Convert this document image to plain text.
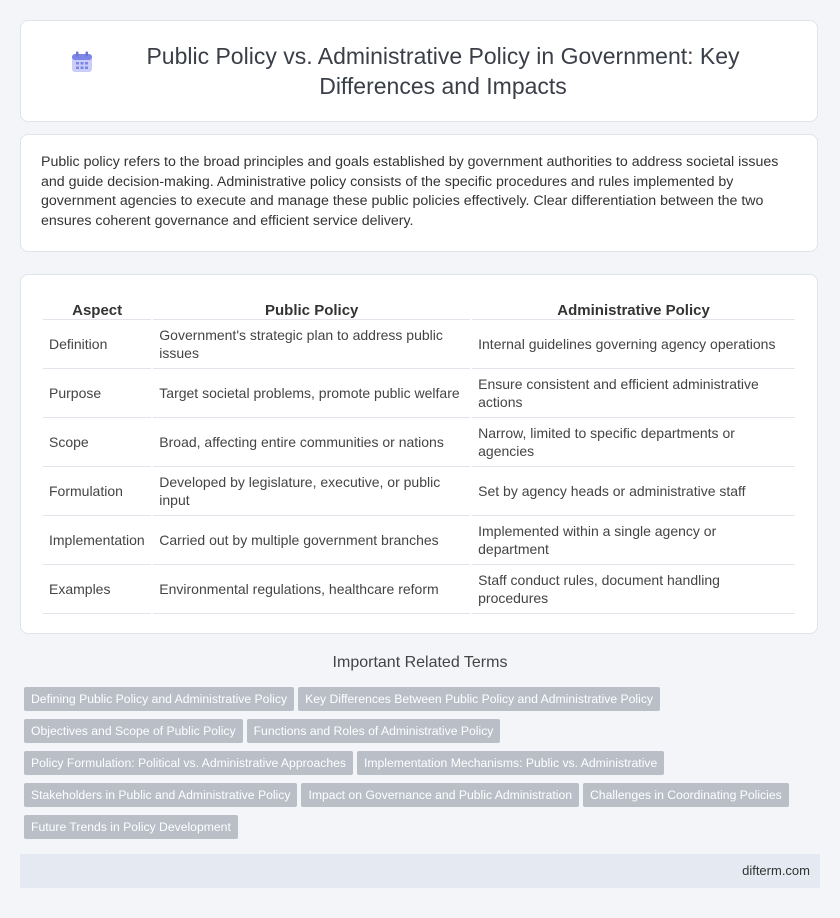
Public Policy vs. Administrative Policy in Government: Key Differences and Impacts

Public policy refers to the broad principles and goals established by government authorities to address societal issues and guide decision-making. Administrative policy consists of the specific procedures and rules implemented by government agencies to execute and manage these public policies effectively. Clear differentiation between the two ensures coherent governance and efficient service delivery.

Aspect	Public Policy	Administrative Policy
Definition	Government's strategic plan to address public issues	Internal guidelines governing agency operations
Purpose	Target societal problems, promote public welfare	Ensure consistent and efficient administrative actions
Scope	Broad, affecting entire communities or nations	Narrow, limited to specific departments or agencies
Formulation	Developed by legislature, executive, or public input	Set by agency heads or administrative staff
Implementation	Carried out by multiple government branches	Implemented within a single agency or department
Examples	Environmental regulations, healthcare reform	Staff conduct rules, document handling procedures
Important Related Terms
Defining Public Policy and Administrative Policy Key Differences Between Public Policy and Administrative Policy
Objectives and Scope of Public Policy Functions and Roles of Administrative Policy
Policy Formulation: Political vs. Administrative Approaches Implementation Mechanisms: Public vs. Administrative
Stakeholders in Public and Administrative Policy Impact on Governance and Public Administration Challenges in Coordinating Policies
Future Trends in Policy Development
difterm.com
